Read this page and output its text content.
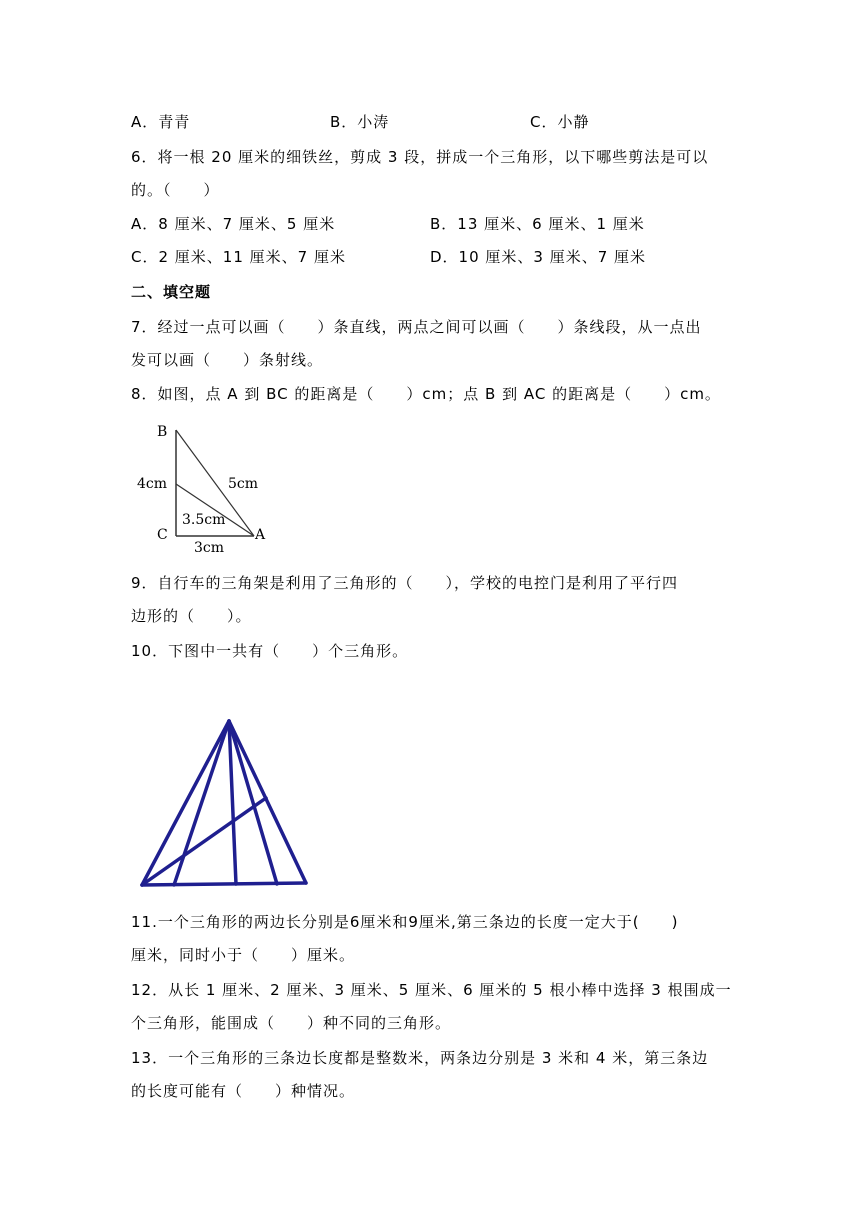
A．青青	B．小涛	C．小静
6．将一根 20 厘米的细铁丝，剪成 3 段，拼成一个三角形，以下哪些剪法是可以
的。（　　）
A．8 厘米、7 厘米、5 厘米	B．13 厘米、6 厘米、1 厘米
C．2 厘米、11 厘米、7 厘米	D．10 厘米、3 厘米、7 厘米
二、填空题
7．经过一点可以画（　　）条直线，两点之间可以画（　　）条线段，从一点出
发可以画（　　）条射线。
8．如图，点 A 到 BC 的距离是（　　）cm；点 B 到 AC 的距离是（　　）cm。
B
C	A
4cm	5cm
3.5cm
3cm
9．自行车的三角架是利用了三角形的（　　），学校的电控门是利用了平行四
边形的（　　）。
10．下图中一共有（　　）个三角形。
11.一个三角形的两边长分别是6厘米和9厘米,第三条边的长度一定大于(　　)
厘米，同时小于（　　）厘米。
12．从长 1 厘米、2 厘米、3 厘米、5 厘米、6 厘米的 5 根小棒中选择 3 根围成一
个三角形，能围成（　　）种不同的三角形。
13．一个三角形的三条边长度都是整数米，两条边分别是 3 米和 4 米，第三条边
的长度可能有（　　）种情况。
